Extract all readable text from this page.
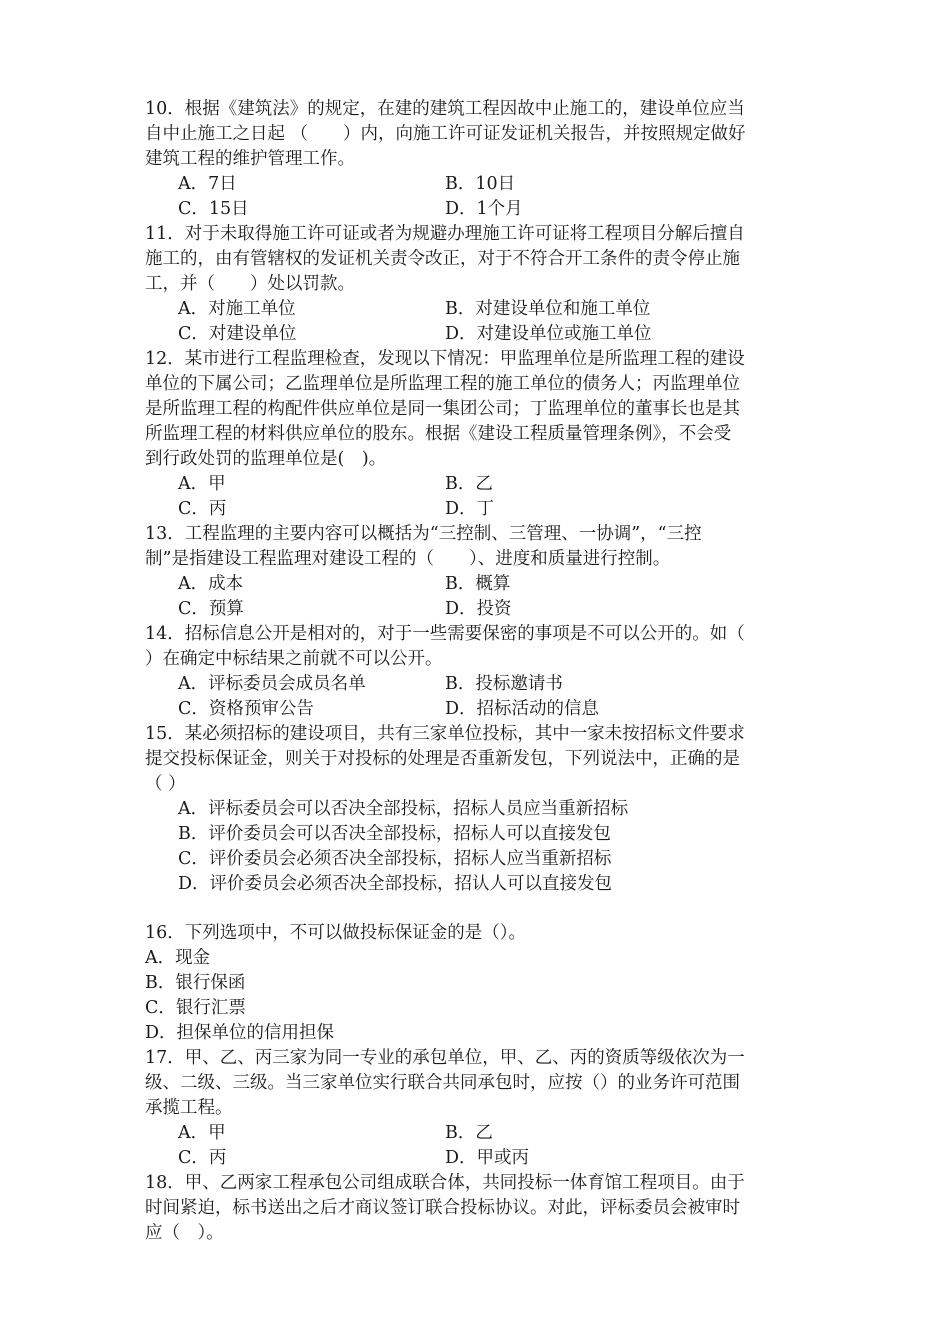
10．根据《建筑法》的规定，在建的建筑工程因故中止施工的，建设单位应当
自中止施工之日起 （　　）内，向施工许可证发证机关报告，并按照规定做好
建筑工程的维护管理工作。
A．7日	B．10日
C．15日	D．1个月
11．对于未取得施工许可证或者为规避办理施工许可证将工程项目分解后擅自
施工的，由有管辖权的发证机关责令改正，对于不符合开工条件的责令停止施
工，并（　　）处以罚款。
A．对施工单位	B．对建设单位和施工单位
C．对建设单位	D．对建设单位或施工单位
12．某市进行工程监理检查，发现以下情况：甲监理单位是所监理工程的建设
单位的下属公司；乙监理单位是所监理工程的施工单位的债务人；丙监理单位
是所监理工程的构配件供应单位是同一集团公司；丁监理单位的董事长也是其
所监理工程的材料供应单位的股东。根据《建设工程质量管理条例》，不会受
到行政处罚的监理单位是(　)。
A．甲	B．乙
C．丙	D．丁
13．工程监理的主要内容可以概括为“三控制、三管理、一协调”，“三控
制”是指建设工程监理对建设工程的（　　）、进度和质量进行控制。
A．成本	B．概算
C．预算	D．投资
14．招标信息公开是相对的，对于一些需要保密的事项是不可以公开的。如（
）在确定中标结果之前就不可以公开。
A．评标委员会成员名单	B．投标邀请书
C．资格预审公告	D．招标活动的信息
15．某必须招标的建设项目，共有三家单位投标，其中一家未按招标文件要求
提交投标保证金，则关于对投标的处理是否重新发包，下列说法中，正确的是
（ ）
A．评标委员会可以否决全部投标，招标人员应当重新招标
B．评价委员会可以否决全部投标，招标人可以直接发包
C．评价委员会必须否决全部投标，招标人应当重新招标
D．评价委员会必须否决全部投标，招认人可以直接发包
16．下列选项中，不可以做投标保证金的是（）。
A．现金
B．银行保函
C．银行汇票
D．担保单位的信用担保
17．甲、乙、丙三家为同一专业的承包单位，甲、乙、丙的资质等级依次为一
级、二级、三级。当三家单位实行联合共同承包时，应按（）的业务许可范围
承揽工程。
A．甲	B．乙
C．丙	D．甲或丙
18．甲、乙两家工程承包公司组成联合体，共同投标一体育馆工程项目。由于
时间紧迫，标书送出之后才商议签订联合投标协议。对此，评标委员会被审时
应（　）。
